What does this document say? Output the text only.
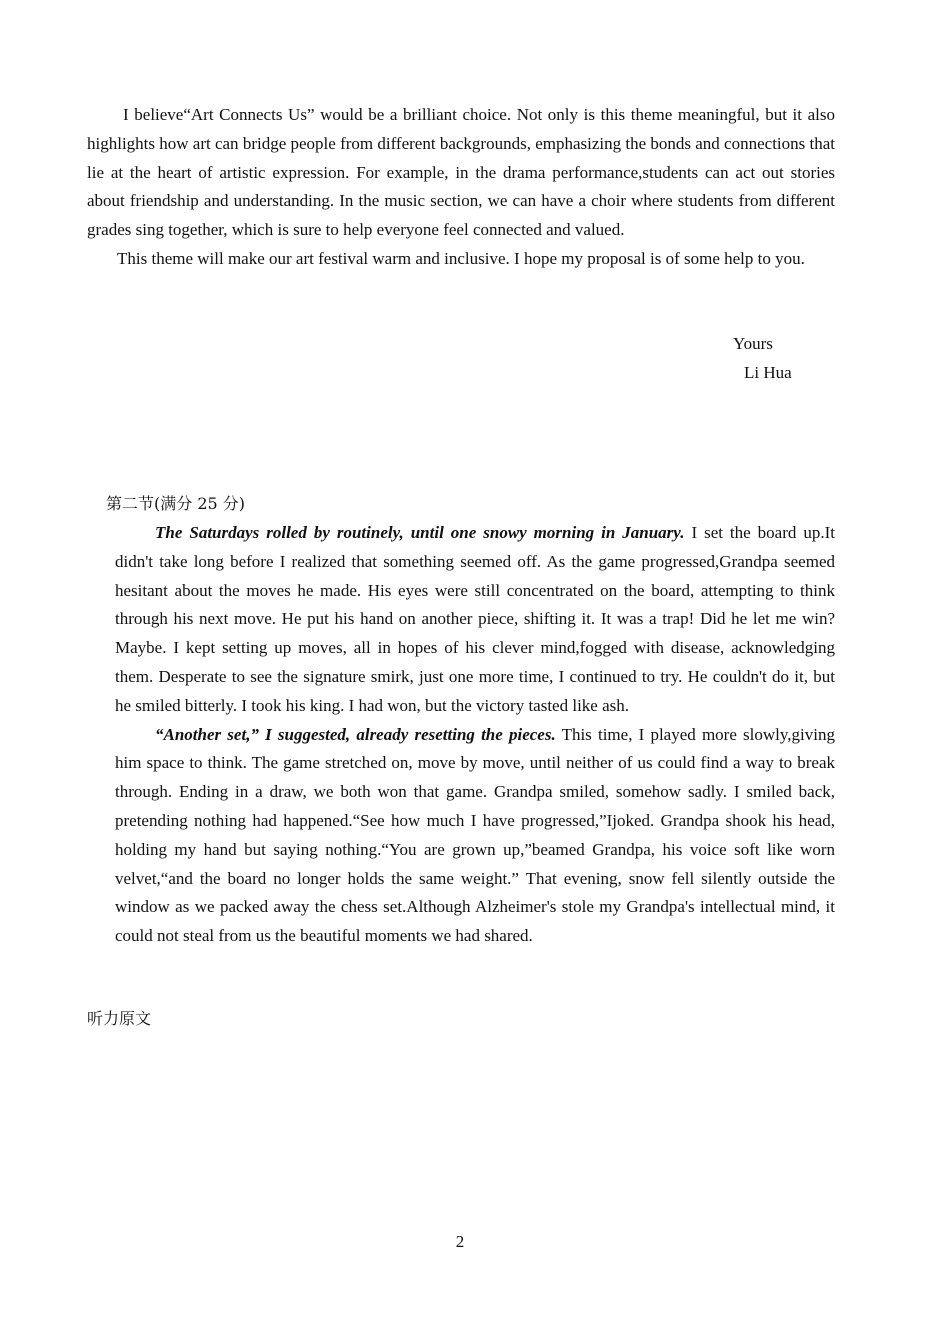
I believe“Art Connects Us” would be a brilliant choice. Not only is this theme meaningful, but it also highlights how art can bridge people from different backgrounds, emphasizing the bonds and connections that lie at the heart of artistic expression. For example, in the drama performance,students can act out stories about friendship and understanding. In the music section, we can have a choir where students from different grades sing together, which is sure to help everyone feel connected and valued.

This theme will make our art festival warm and inclusive. I hope my proposal is of some help to you.

Yours
Li Hua
第二节(满分 25 分)

The Saturdays rolled by routinely, until one snowy morning in January. I set the board up.It didn't take long before I realized that something seemed off. As the game progressed,Grandpa seemed hesitant about the moves he made. His eyes were still concentrated on the board, attempting to think through his next move. He put his hand on another piece, shifting it. It was a trap! Did he let me win? Maybe. I kept setting up moves, all in hopes of his clever mind,fogged with disease, acknowledging them. Desperate to see the signature smirk, just one more time, I continued to try. He couldn't do it, but he smiled bitterly. I took his king. I had won, but the victory tasted like ash.

“Another set,” I suggested, already resetting the pieces. This time, I played more slowly,giving him space to think. The game stretched on, move by move, until neither of us could find a way to break through. Ending in a draw, we both won that game. Grandpa smiled, somehow sadly. I smiled back, pretending nothing had happened.“See how much I have progressed,”Ijoked. Grandpa shook his head, holding my hand but saying nothing.“You are grown up,”beamed Grandpa, his voice soft like worn velvet,“and the board no longer holds the same weight.” That evening, snow fell silently outside the window as we packed away the chess set.Although Alzheimer's stole my Grandpa's intellectual mind, it could not steal from us the beautiful moments we had shared.

听力原文
2
